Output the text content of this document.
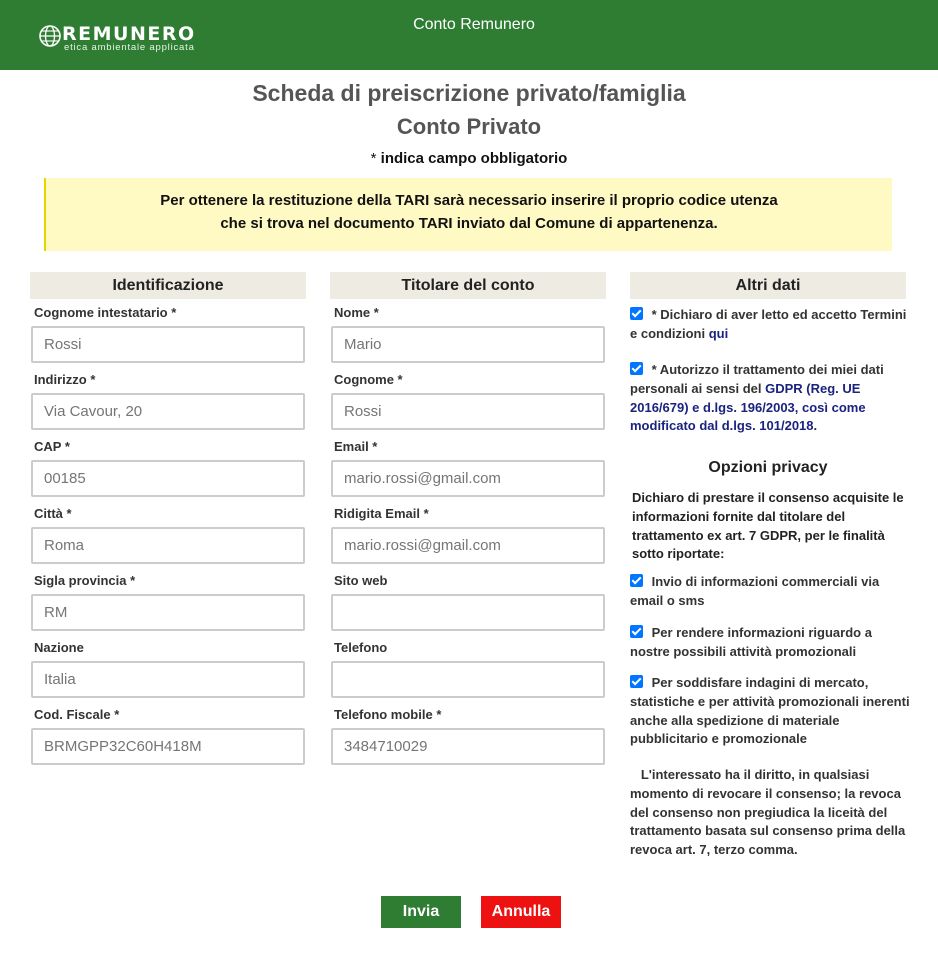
REMUNERO
etica ambientale applicata
Conto Remunero
Scheda di preiscrizione privato/famiglia
Conto Privato
* indica campo obbligatorio
Per ottenere la restituzione della TARI sarà necessario inserire il proprio codice utenza
che si trova nel documento TARI inviato dal Comune di appartenenza.
Identificazione
Cognome intestatario *
Rossi
Indirizzo *
Via Cavour, 20
CAP *
00185
Città *
Roma
Sigla provincia *
RM
Nazione
Italia
Cod. Fiscale *
BRMGPP32C60H418M
Titolare del conto
Nome *
Mario
Cognome *
Rossi
Email *
mario.rossi@gmail.com
Ridigita Email *
mario.rossi@gmail.com
Sito web
Telefono
Telefono mobile *
3484710029
Altri dati
* Dichiaro di aver letto ed accetto Termini e condizioni qui
* Autorizzo il trattamento dei miei dati personali ai sensi del GDPR (Reg. UE 2016/679) e d.lgs. 196/2003, così come modificato dal d.lgs. 101/2018.
Opzioni privacy
Dichiaro di prestare il consenso acquisite le informazioni fornite dal titolare del trattamento ex art. 7 GDPR, per le finalità sotto riportate:
Invio di informazioni commerciali via email o sms
Per rendere informazioni riguardo a nostre possibili attività promozionali
Per soddisfare indagini di mercato, statistiche e per attività promozionali inerenti anche alla spedizione di materiale pubblicitario e promozionale
L'interessato ha il diritto, in qualsiasi momento di revocare il consenso; la revoca del consenso non pregiudica la liceità del trattamento basata sul consenso prima della revoca art. 7, terzo comma.
Invia	Annulla
